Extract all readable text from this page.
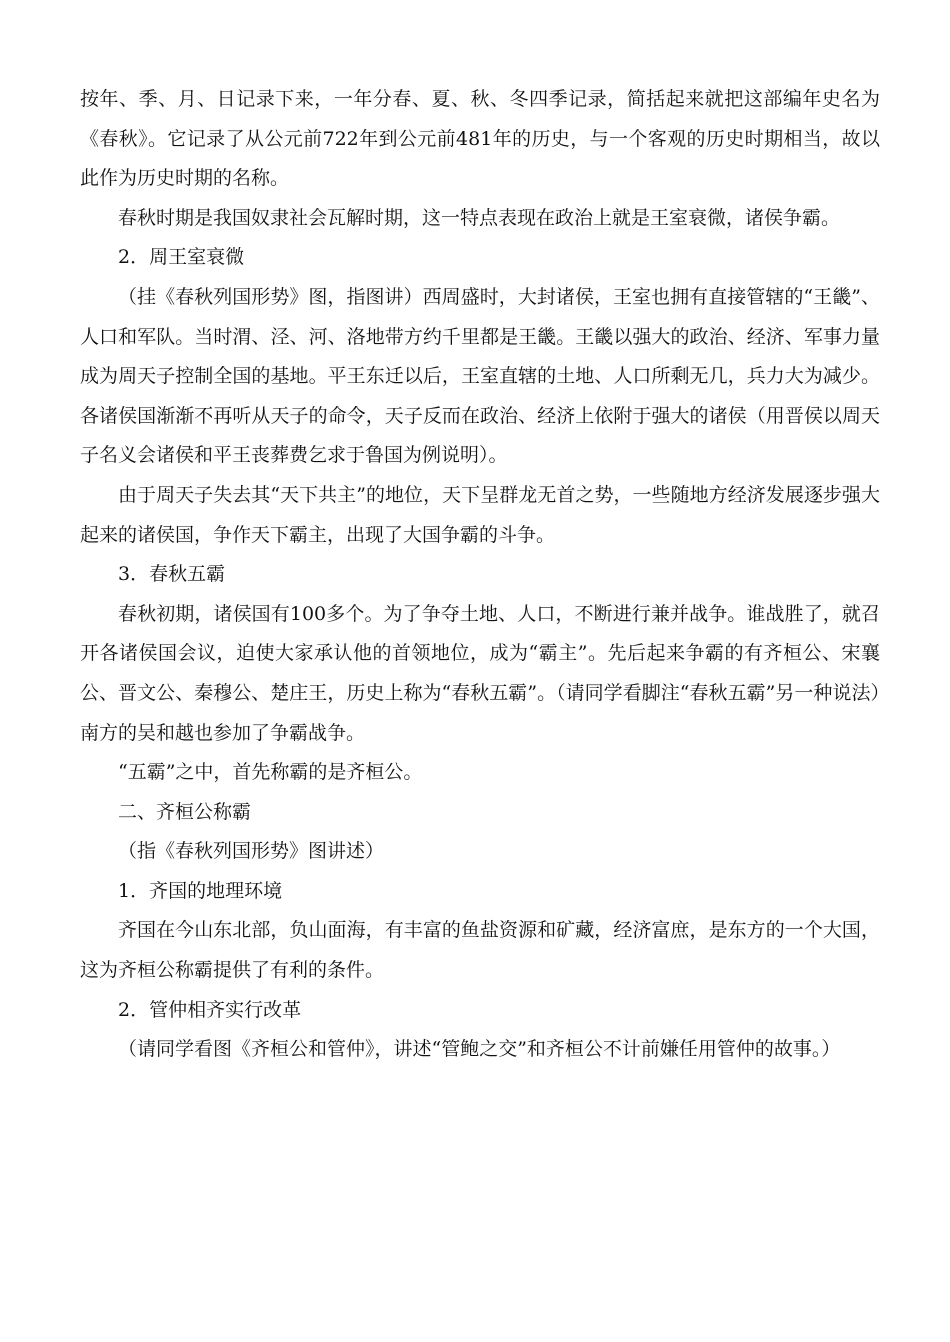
按年、季、月、日记录下来，一年分春、夏、秋、冬四季记录，简括起来就把这部编年史名为《春秋》。它记录了从公元前722年到公元前481年的历史，与一个客观的历史时期相当，故以此作为历史时期的名称。

春秋时期是我国奴隶社会瓦解时期，这一特点表现在政治上就是王室衰微，诸侯争霸。

2．周王室衰微

（挂《春秋列国形势》图，指图讲）西周盛时，大封诸侯，王室也拥有直接管辖的“王畿”、人口和军队。当时渭、泾、河、洛地带方约千里都是王畿。王畿以强大的政治、经济、军事力量成为周天子控制全国的基地。平王东迁以后，王室直辖的土地、人口所剩无几，兵力大为减少。各诸侯国渐渐不再听从天子的命令，天子反而在政治、经济上依附于强大的诸侯（用晋侯以周天子名义会诸侯和平王丧葬费乞求于鲁国为例说明）。

由于周天子失去其“天下共主”的地位，天下呈群龙无首之势，一些随地方经济发展逐步强大起来的诸侯国，争作天下霸主，出现了大国争霸的斗争。

3．春秋五霸

春秋初期，诸侯国有100多个。为了争夺土地、人口，不断进行兼并战争。谁战胜了，就召开各诸侯国会议，迫使大家承认他的首领地位，成为“霸主”。先后起来争霸的有齐桓公、宋襄公、晋文公、秦穆公、楚庄王，历史上称为“春秋五霸”。（请同学看脚注“春秋五霸”另一种说法）南方的吴和越也参加了争霸战争。

“五霸”之中，首先称霸的是齐桓公。

二、齐桓公称霸

（指《春秋列国形势》图讲述）

1．齐国的地理环境

齐国在今山东北部，负山面海，有丰富的鱼盐资源和矿藏，经济富庶，是东方的一个大国，这为齐桓公称霸提供了有利的条件。

2．管仲相齐实行改革

（请同学看图《齐桓公和管仲》，讲述“管鲍之交”和齐桓公不计前嫌任用管仲的故事。）
